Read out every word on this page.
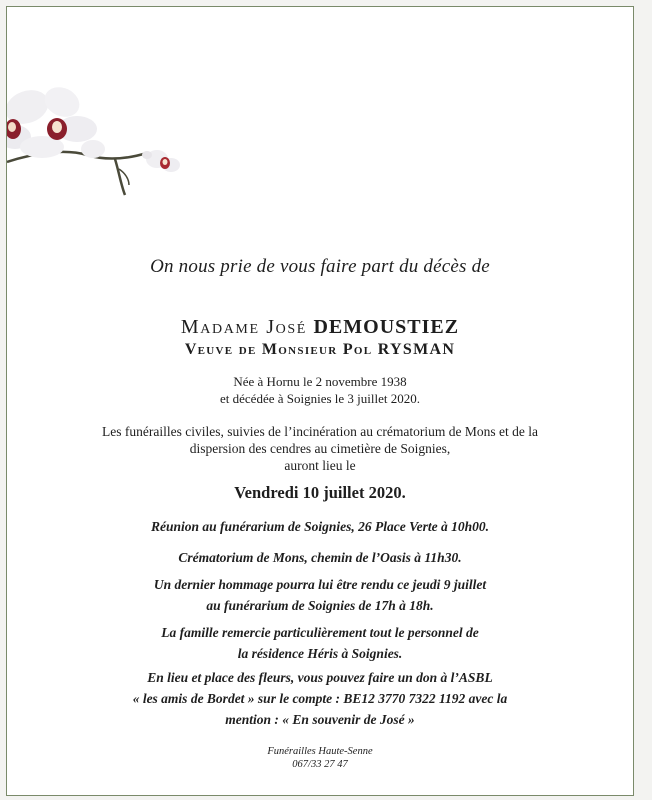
On nous prie de vous faire part du décès de
Madame José DEMOUSTIEZ
Veuve de Monsieur Pol RYSMAN
Née à Hornu le 2 novembre 1938
et décédée à Soignies le 3 juillet 2020.
Les funérailles civiles, suivies de l’incinération au crématorium de Mons et de la
dispersion des cendres au cimetière de Soignies,
auront lieu le
Vendredi 10 juillet 2020.
Réunion au funérarium de Soignies, 26 Place Verte à 10h00.
Crématorium de Mons, chemin de l’Oasis à 11h30.
Un dernier hommage pourra lui être rendu ce jeudi 9 juillet
au funérarium de Soignies de 17h à 18h.
La famille remercie particulièrement tout le personnel de
la résidence Héris à Soignies.
En lieu et place des fleurs, vous pouvez faire un don à l’ASBL
« les amis de Bordet » sur le compte : BE12 3770 7322 1192 avec la
mention : « En souvenir de José »
Funérailles Haute-Senne
067/33 27 47
